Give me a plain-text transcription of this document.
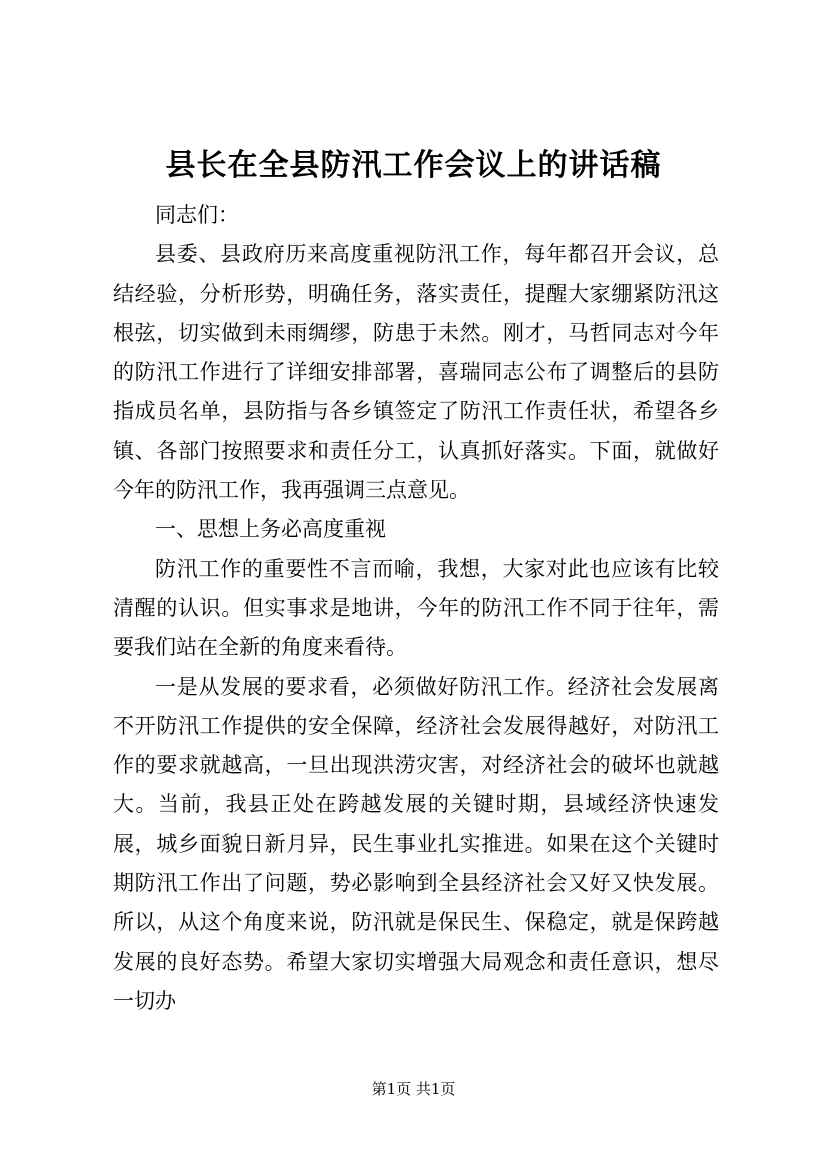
县长在全县防汛工作会议上的讲话稿

同志们：

县委、县政府历来高度重视防汛工作，每年都召开会议，总结经验，分析形势，明确任务，落实责任，提醒大家绷紧防汛这根弦，切实做到未雨绸缪，防患于未然。刚才，马哲同志对今年的防汛工作进行了详细安排部署，喜瑞同志公布了调整后的县防指成员名单，县防指与各乡镇签定了防汛工作责任状，希望各乡镇、各部门按照要求和责任分工，认真抓好落实。下面，就做好今年的防汛工作，我再强调三点意见。

一、思想上务必高度重视

防汛工作的重要性不言而喻，我想，大家对此也应该有比较清醒的认识。但实事求是地讲，今年的防汛工作不同于往年，需要我们站在全新的角度来看待。

一是从发展的要求看，必须做好防汛工作。经济社会发展离不开防汛工作提供的安全保障，经济社会发展得越好，对防汛工作的要求就越高，一旦出现洪涝灾害，对经济社会的破坏也就越大。当前，我县正处在跨越发展的关键时期，县域经济快速发展，城乡面貌日新月异，民生事业扎实推进。如果在这个关键时期防汛工作出了问题，势必影响到全县经济社会又好又快发展。所以，从这个角度来说，防汛就是保民生、保稳定，就是保跨越发展的良好态势。希望大家切实增强大局观念和责任意识，想尽一切办

第1页 共1页
